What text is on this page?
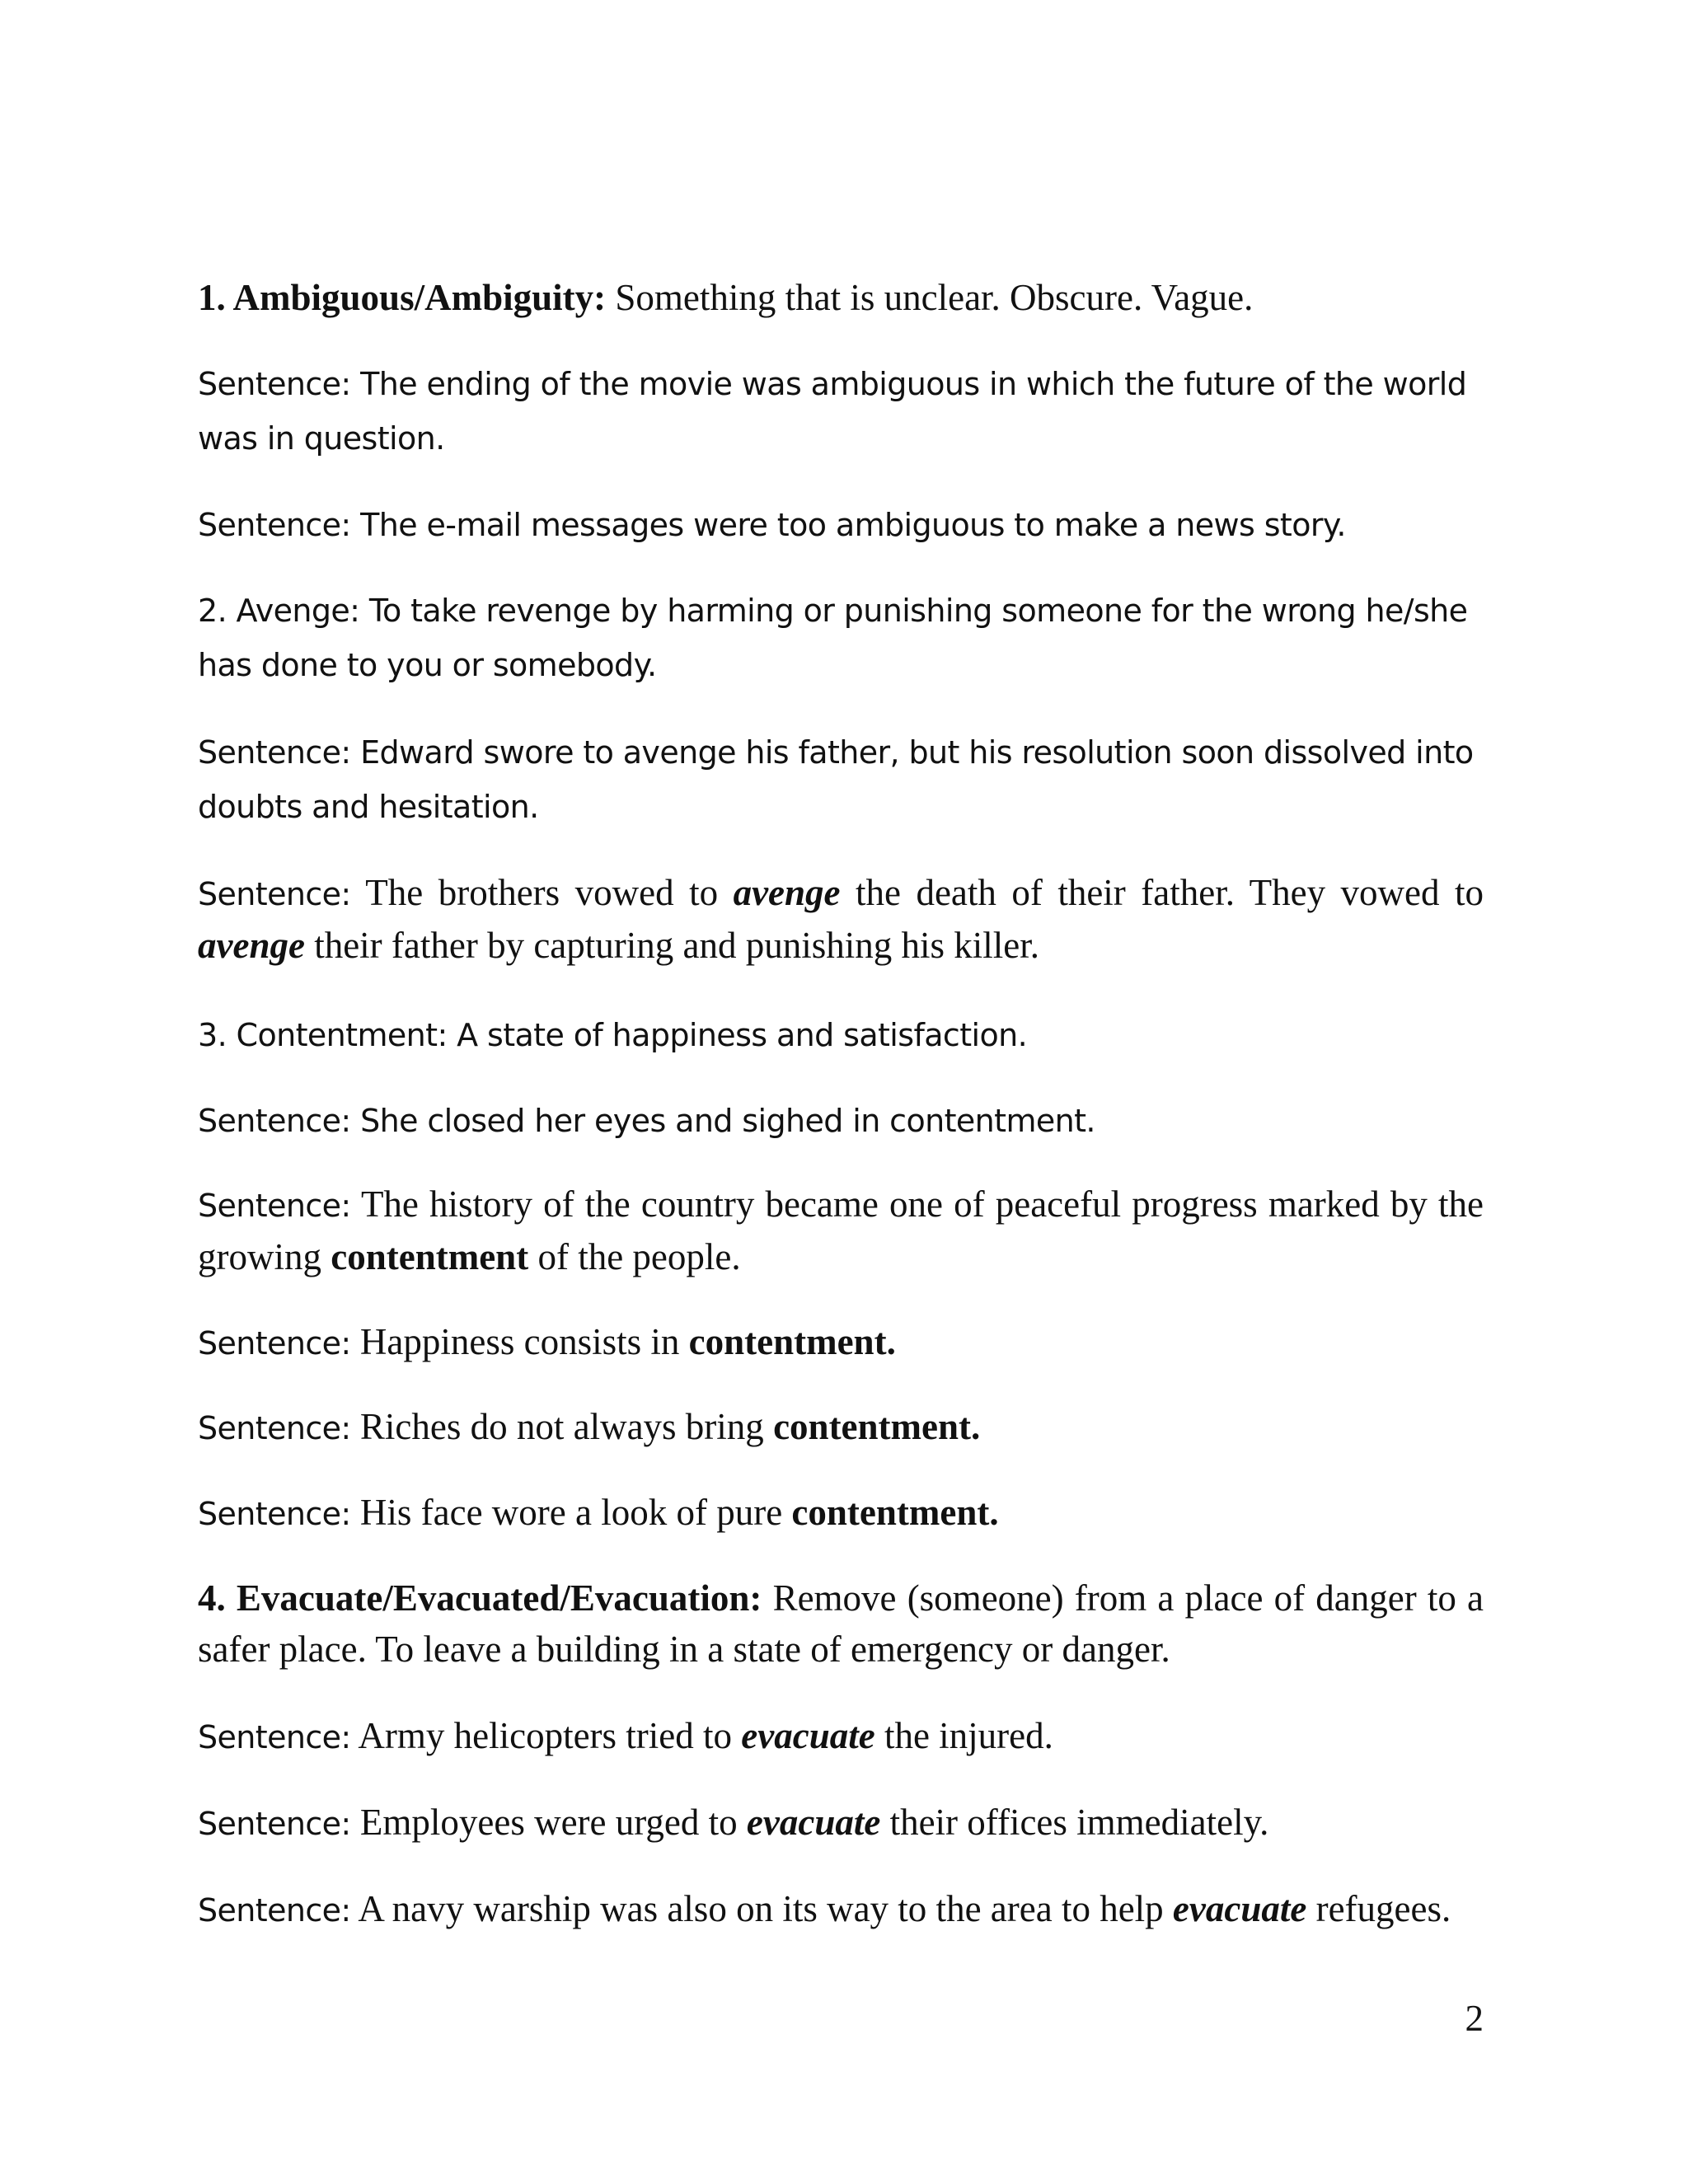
1. Ambiguous/Ambiguity: Something that is unclear. Obscure. Vague.

Sentence: The ending of the movie was ambiguous in which the future of the world was in question.

Sentence: The e-mail messages were too ambiguous to make a news story.

2. Avenge: To take revenge by harming or punishing someone for the wrong he/she has done to you or somebody.

Sentence: Edward swore to avenge his father, but his resolution soon dissolved into doubts and hesitation.

Sentence: The brothers vowed to avenge the death of their father. They vowed to avenge their father by capturing and punishing his killer.

3. Contentment: A state of happiness and satisfaction.

Sentence: She closed her eyes and sighed in contentment.

Sentence: The history of the country became one of peaceful progress marked by the growing contentment of the people.

Sentence: Happiness consists in contentment.

Sentence: Riches do not always bring contentment.

Sentence: His face wore a look of pure contentment.

4. Evacuate/Evacuated/Evacuation: Remove (someone) from a place of danger to a safer place. To leave a building in a state of emergency or danger.

Sentence: Army helicopters tried to evacuate the injured.

Sentence: Employees were urged to evacuate their offices immediately.

Sentence: A navy warship was also on its way to the area to help evacuate refugees.

2
